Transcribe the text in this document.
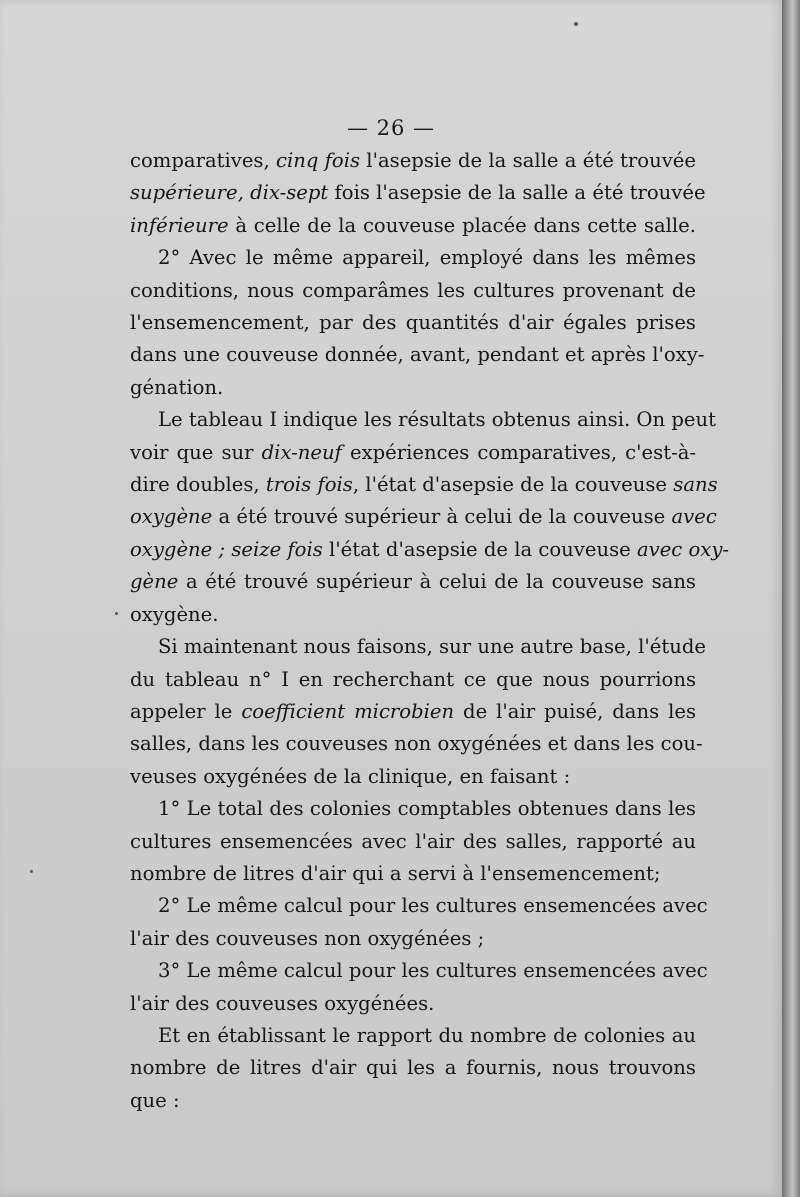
— 26 —
comparatives, cinq fois l'asepsie de la salle a été trouvée
supérieure, dix-sept fois l'asepsie de la salle a été trouvée
inférieure à celle de la couveuse placée dans cette salle.
2° Avec le même appareil, employé dans les mêmes
conditions, nous comparâmes les cultures provenant de
l'ensemencement, par des quantités d'air égales prises
dans une couveuse donnée, avant, pendant et après l'oxy-
génation.
Le tableau I indique les résultats obtenus ainsi. On peut
voir que sur dix-neuf expériences comparatives, c'est-à-
dire doubles, trois fois, l'état d'asepsie de la couveuse sans
oxygène a été trouvé supérieur à celui de la couveuse avec
oxygène ; seize fois l'état d'asepsie de la couveuse avec oxy-
gène a été trouvé supérieur à celui de la couveuse sans
oxygène.
Si maintenant nous faisons, sur une autre base, l'étude
du tableau n° I en recherchant ce que nous pourrions
appeler le coefficient microbien de l'air puisé, dans les
salles, dans les couveuses non oxygénées et dans les cou-
veuses oxygénées de la clinique, en faisant :
1° Le total des colonies comptables obtenues dans les
cultures ensemencées avec l'air des salles, rapporté au
nombre de litres d'air qui a servi à l'ensemencement;
2° Le même calcul pour les cultures ensemencées avec
l'air des couveuses non oxygénées ;
3° Le même calcul pour les cultures ensemencées avec
l'air des couveuses oxygénées.
Et en établissant le rapport du nombre de colonies au
nombre de litres d'air qui les a fournis, nous trouvons
que :
